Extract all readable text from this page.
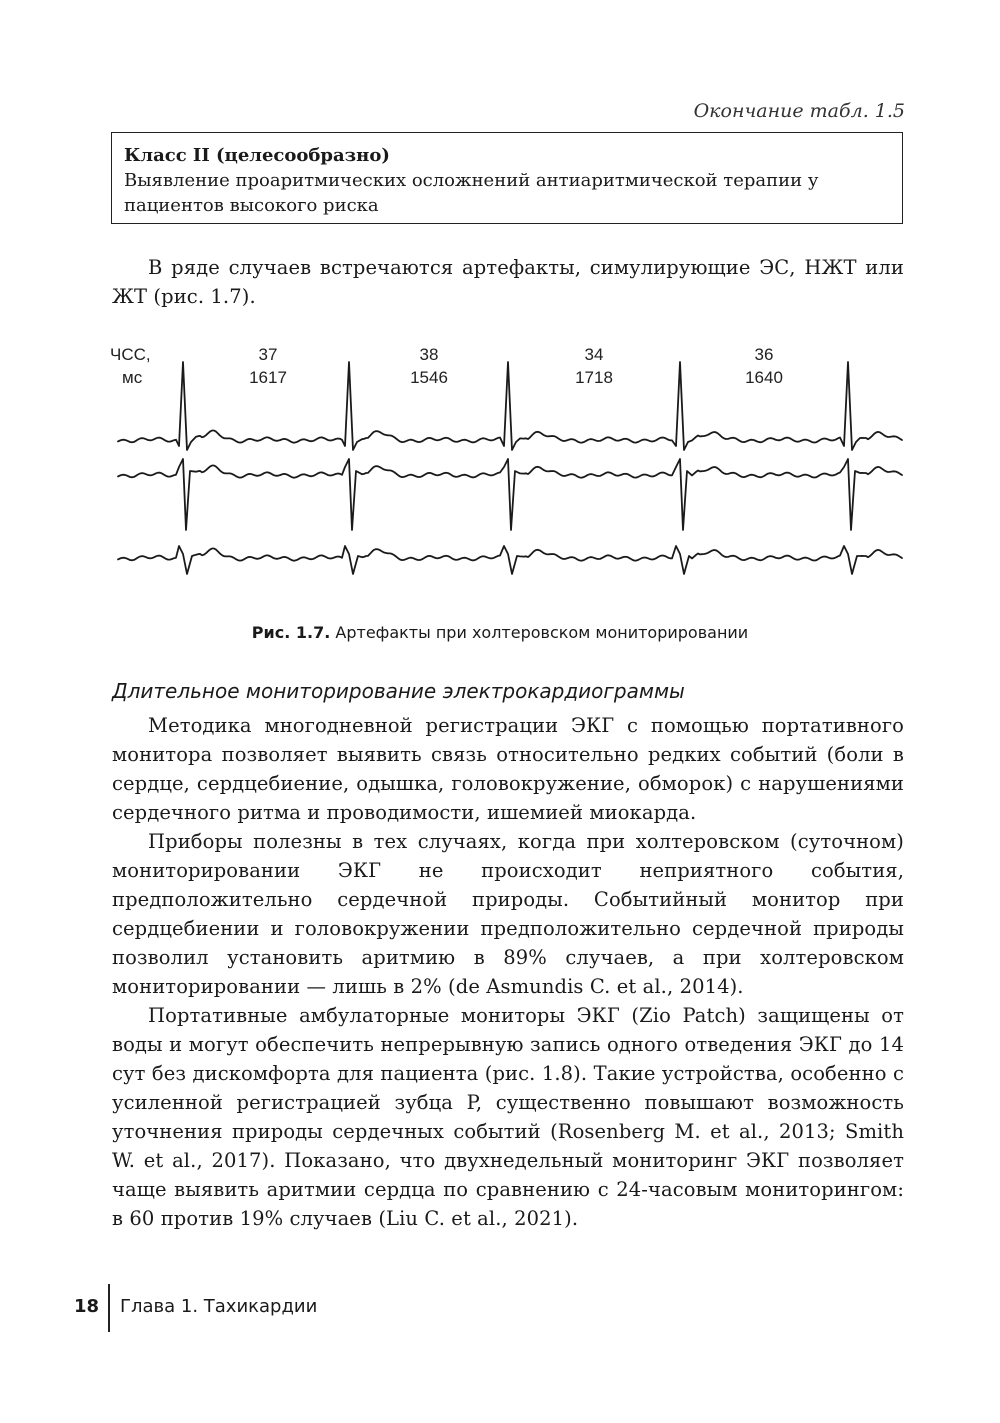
Окончание табл. 1.5
Класс II (целесообразно)
Выявление проаритмических осложнений антиаритмической терапии у пациентов высокого риска

В ряде случаев встречаются артефакты, симулирующие ЭС, НЖТ или ЖТ (рис. 1.7).

ЧСС,
мс
37
1617
38
1546
34
1718
36
1640
Рис. 1.7. Артефакты при холтеровском мониторировании
Длительное мониторирование электрокардиограммы

Методика многодневной регистрации ЭКГ с помощью портативного монитора позволяет выявить связь относительно редких событий (боли в сердце, сердцебиение, одышка, головокружение, обморок) с нарушениями сердечного ритма и проводимости, ишемией миокарда.

Приборы полезны в тех случаях, когда при холтеровском (суточном) мониторировании ЭКГ не происходит неприятного события, предположительно сердечной природы. Событийный монитор при сердцебиении и головокружении предположительно сердечной природы позволил установить аритмию в 89% случаев, а при холтеровском мониторировании — лишь в 2% (de Asmundis C. et al., 2014).

Портативные амбулаторные мониторы ЭКГ (Zio Patch) защищены от воды и могут обеспечить непрерывную запись одного отведения ЭКГ до 14 сут без дискомфорта для пациента (рис. 1.8). Такие устройства, особенно с усиленной регистрацией зубца P, существенно повышают возможность уточнения природы сердечных событий (Rosenberg M. et al., 2013; Smith W. et al., 2017). Показано, что двухнедельный мониторинг ЭКГ позволяет чаще выявить аритмии сердца по сравнению с 24-часовым мониторингом: в 60 против 19% случаев (Liu C. et al., 2021).

18 Глава 1. Тахикардии
